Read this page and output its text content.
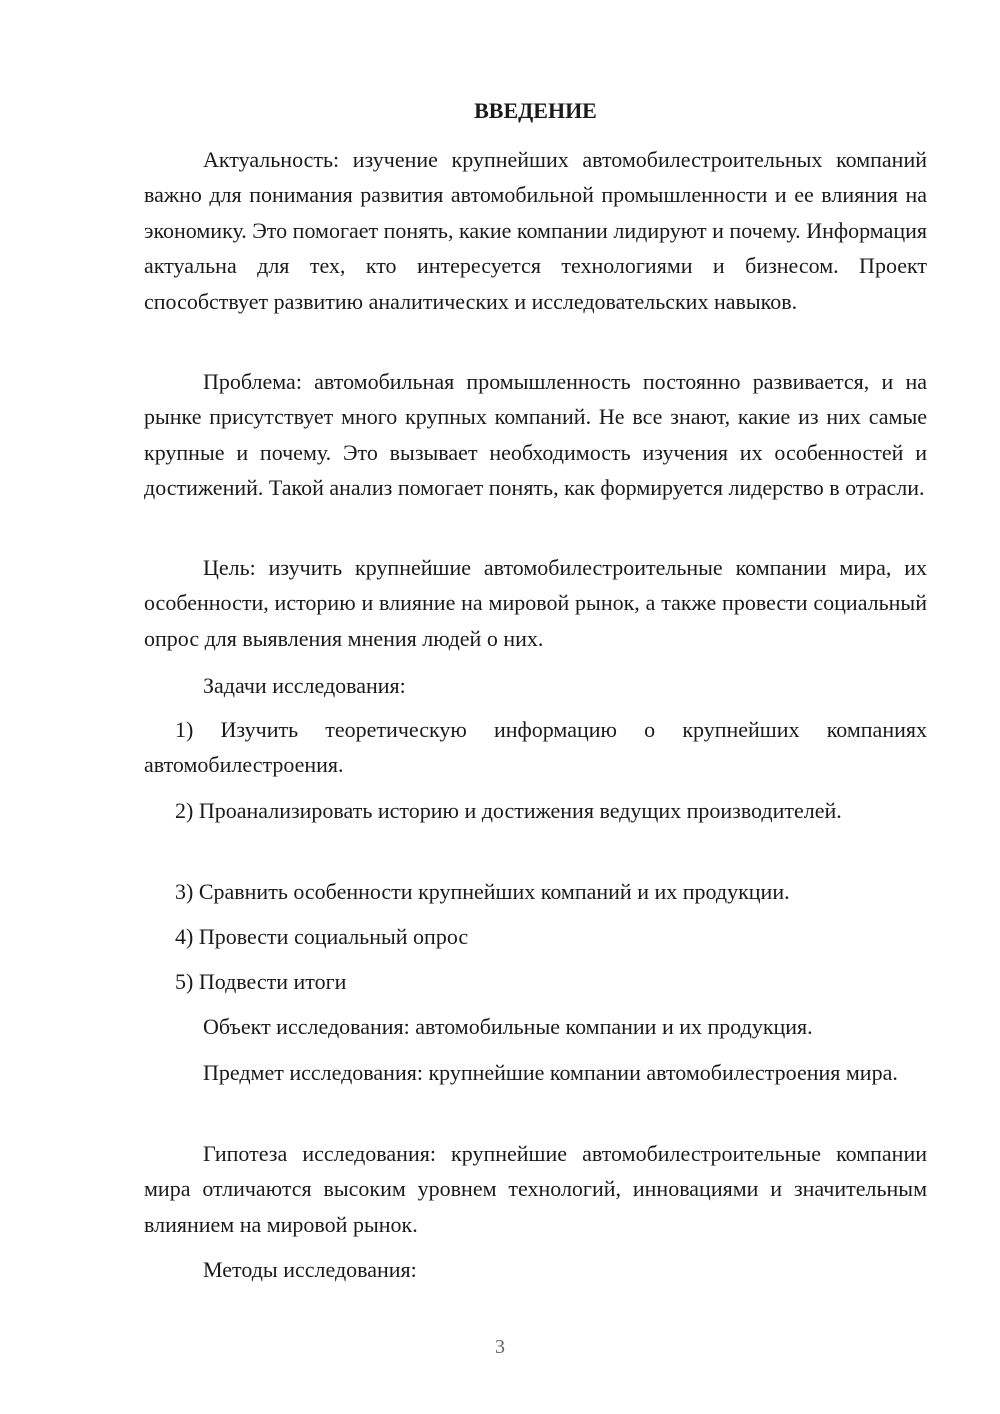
ВВЕДЕНИЕ

Актуальность: изучение крупнейших автомобилестроительных компаний важно для понимания развития автомобильной промышленности и ее влияния на экономику. Это помогает понять, какие компании лидируют и почему. Информация актуальна для тех, кто интересуется технологиями и бизнесом. Проект способствует развитию аналитических и исследовательских навыков.

Проблема: автомобильная промышленность постоянно развивается, и на рынке присутствует много крупных компаний. Не все знают, какие из них самые крупные и почему. Это вызывает необходимость изучения их особенностей и достижений. Такой анализ помогает понять, как формируется лидерство в отрасли.

Цель: изучить крупнейшие автомобилестроительные компании мира, их особенности, историю и влияние на мировой рынок, а также провести социальный опрос для выявления мнения людей о них.

Задачи исследования:

1) Изучить теоретическую информацию о крупнейших компаниях автомобилестроения.

2) Проанализировать историю и достижения ведущих производителей.

3) Сравнить особенности крупнейших компаний и их продукции.

4) Провести социальный опрос

5) Подвести итоги

Объект исследования: автомобильные компании и их продукция.

Предмет исследования: крупнейшие компании автомобилестроения мира.

Гипотеза исследования: крупнейшие автомобилестроительные компании мира отличаются высоким уровнем технологий, инновациями и значительным влиянием на мировой рынок.

Методы исследования:

3
